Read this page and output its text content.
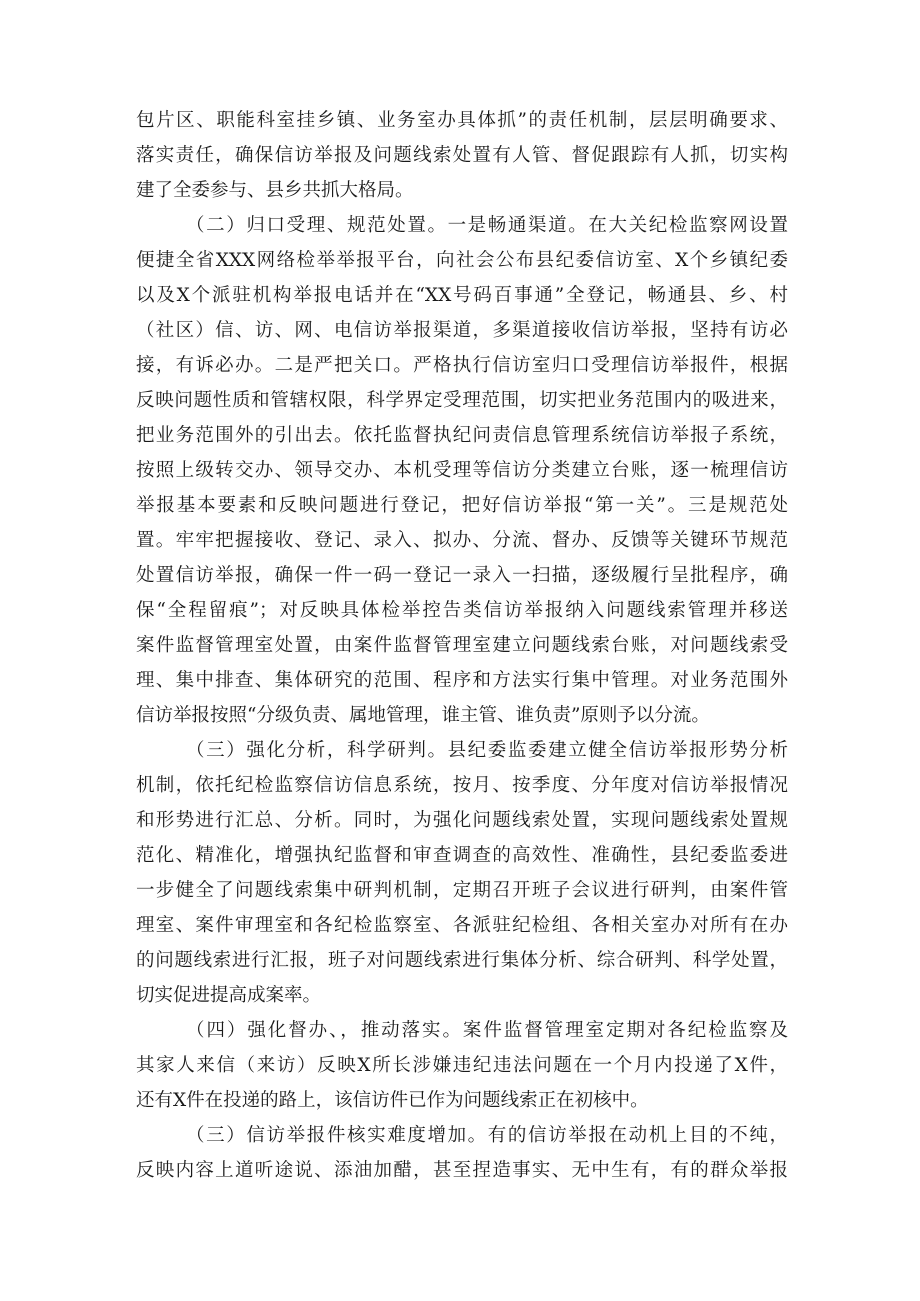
包片区、职能科室挂乡镇、业务室办具体抓”的责任机制，层层明确要求、
落实责任，确保信访举报及问题线索处置有人管、督促跟踪有人抓，切实构
建了全委参与、县乡共抓大格局。
（二）归口受理、规范处置。一是畅通渠道。在大关纪检监察网设置
便捷全省XXX网络检举举报平台，向社会公布县纪委信访室、X个乡镇纪委
以及X个派驻机构举报电话并在“XX号码百事通”全登记，畅通县、乡、村
（社区）信、访、网、电信访举报渠道，多渠道接收信访举报，坚持有访必
接，有诉必办。二是严把关口。严格执行信访室归口受理信访举报件，根据
反映问题性质和管辖权限，科学界定受理范围，切实把业务范围内的吸进来，
把业务范围外的引出去。依托监督执纪问责信息管理系统信访举报子系统，
按照上级转交办、领导交办、本机受理等信访分类建立台账，逐一梳理信访
举报基本要素和反映问题进行登记，把好信访举报“第一关”。三是规范处
置。牢牢把握接收、登记、录入、拟办、分流、督办、反馈等关键环节规范
处置信访举报，确保一件一码一登记一录入一扫描，逐级履行呈批程序，确
保“全程留痕”；对反映具体检举控告类信访举报纳入问题线索管理并移送
案件监督管理室处置，由案件监督管理室建立问题线索台账，对问题线索受
理、集中排查、集体研究的范围、程序和方法实行集中管理。对业务范围外
信访举报按照“分级负责、属地管理，谁主管、谁负责”原则予以分流。
（三）强化分析，科学研判。县纪委监委建立健全信访举报形势分析
机制，依托纪检监察信访信息系统，按月、按季度、分年度对信访举报情况
和形势进行汇总、分析。同时，为强化问题线索处置，实现问题线索处置规
范化、精准化，增强执纪监督和审查调查的高效性、准确性，县纪委监委进
一步健全了问题线索集中研判机制，定期召开班子会议进行研判，由案件管
理室、案件审理室和各纪检监察室、各派驻纪检组、各相关室办对所有在办
的问题线索进行汇报，班子对问题线索进行集体分析、综合研判、科学处置，
切实促进提高成案率。
（四）强化督办、，推动落实。案件监督管理室定期对各纪检监察及
其家人来信（来访）反映X所长涉嫌违纪违法问题在一个月内投递了X件，
还有X件在投递的路上，该信访件已作为问题线索正在初核中。
（三）信访举报件核实难度增加。有的信访举报在动机上目的不纯，
反映内容上道听途说、添油加醋，甚至捏造事实、无中生有，有的群众举报
